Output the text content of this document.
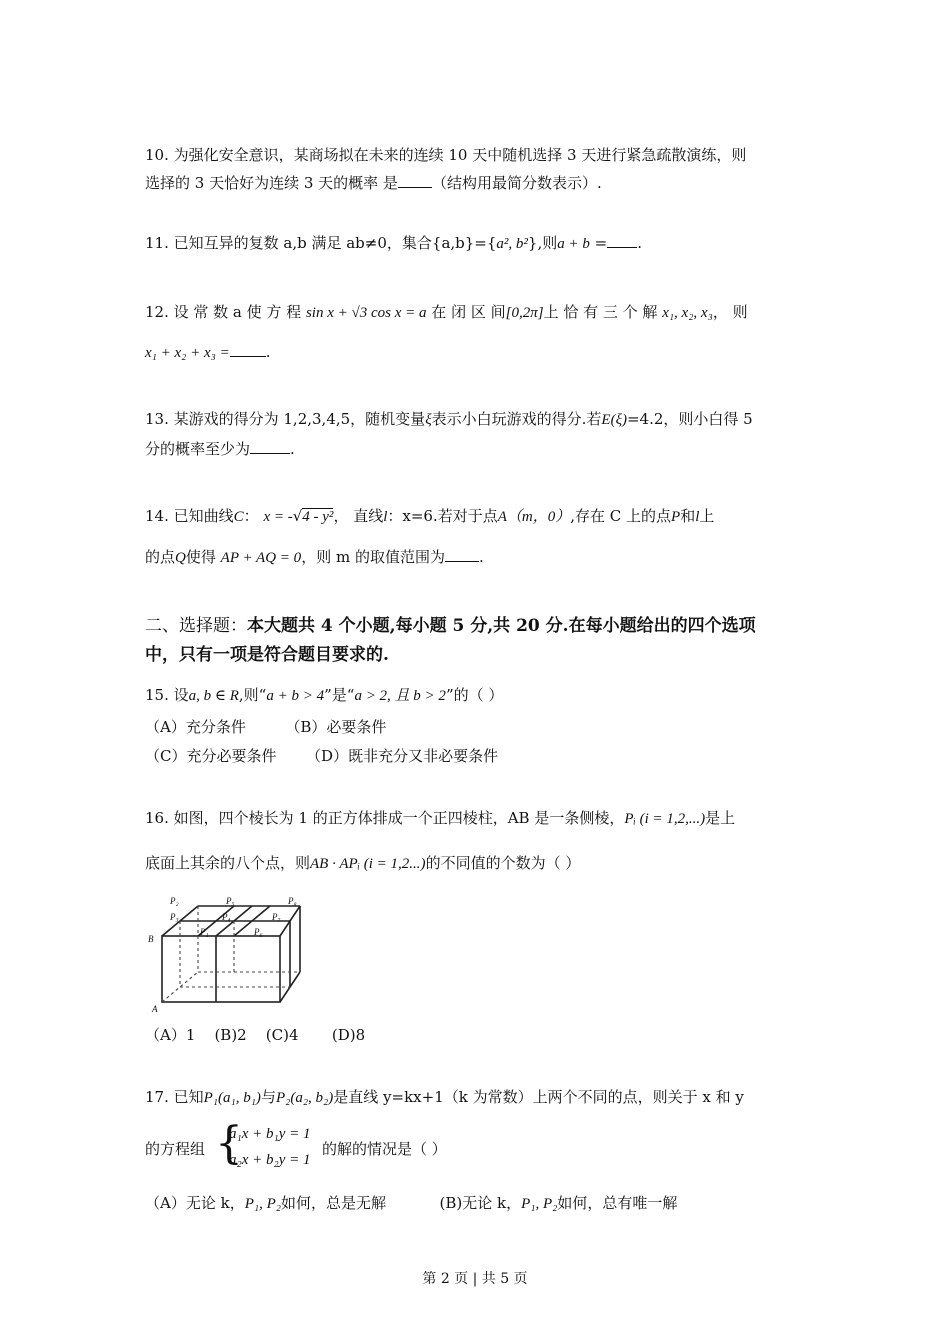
10. 为强化安全意识，某商场拟在未来的连续 10 天中随机选择 3 天进行紧急疏散演练，则
选择的 3 天恰好为连续 3 天的概率 是 （结构用最简分数表示）.
11. 已知互异的复数 a,b 满足 ab≠0，集合{a,b}={a², b²},则a + b = .
12. 设 常 数 a 使 方 程 sin x + √3 cos x = a 在 闭 区 间[0,2π]上 恰 有 三 个 解 x₁, x₂, x₃， 则
x₁ + x₂ + x₃ = .
13. 某游戏的得分为 1,2,3,4,5，随机变量ξ表示小白玩游戏的得分.若E(ξ)=4.2，则小白得 5
分的概率至少为	.
14. 已知曲线C： x = -√4 - y²， 直线l：x=6.若对于点A（m，0）,存在 C 上的点P和l上
的点Q使得 AP + AQ = 0，则 m 的取值范围为 .
二、选择题：本大题共 4 个小题,每小题 5 分,共 20 分.在每小题给出的四个选项
中，只有一项是符合题目要求的.
15. 设a, b ∈ R,则“a + b > 4”是“a > 2, 且 b > 2”的（ ）
（A）充分条件	（B）必要条件
（C）充分必要条件 （D）既非充分又非必要条件
16. 如图，四个棱长为 1 的正方体排成一个正四棱柱，AB 是一条侧棱，Pᵢ (i = 1,2,...)是上
底面上其余的八个点，则AB · APᵢ (i = 1,2...)的不同值的个数为（ ）
P₂	P₅	P₈
P₃	P₄	P₇
P₁	P₆
B
A
（A）1    (B)2    (C)4       (D)8
17. 已知P₁(a₁, b₁)与P₂(a₂, b₂)是直线 y=kx+1（k 为常数）上两个不同的点，则关于 x 和 y
的方程组 {
a₁x + b₁y = 1
a₂x + b₂y = 1
的解的情况是（ ）
（A）无论 k，P₁, P₂如何，总是无解	(B)无论 k，P₁, P₂如何，总有唯一解
第 2 页 | 共 5 页
